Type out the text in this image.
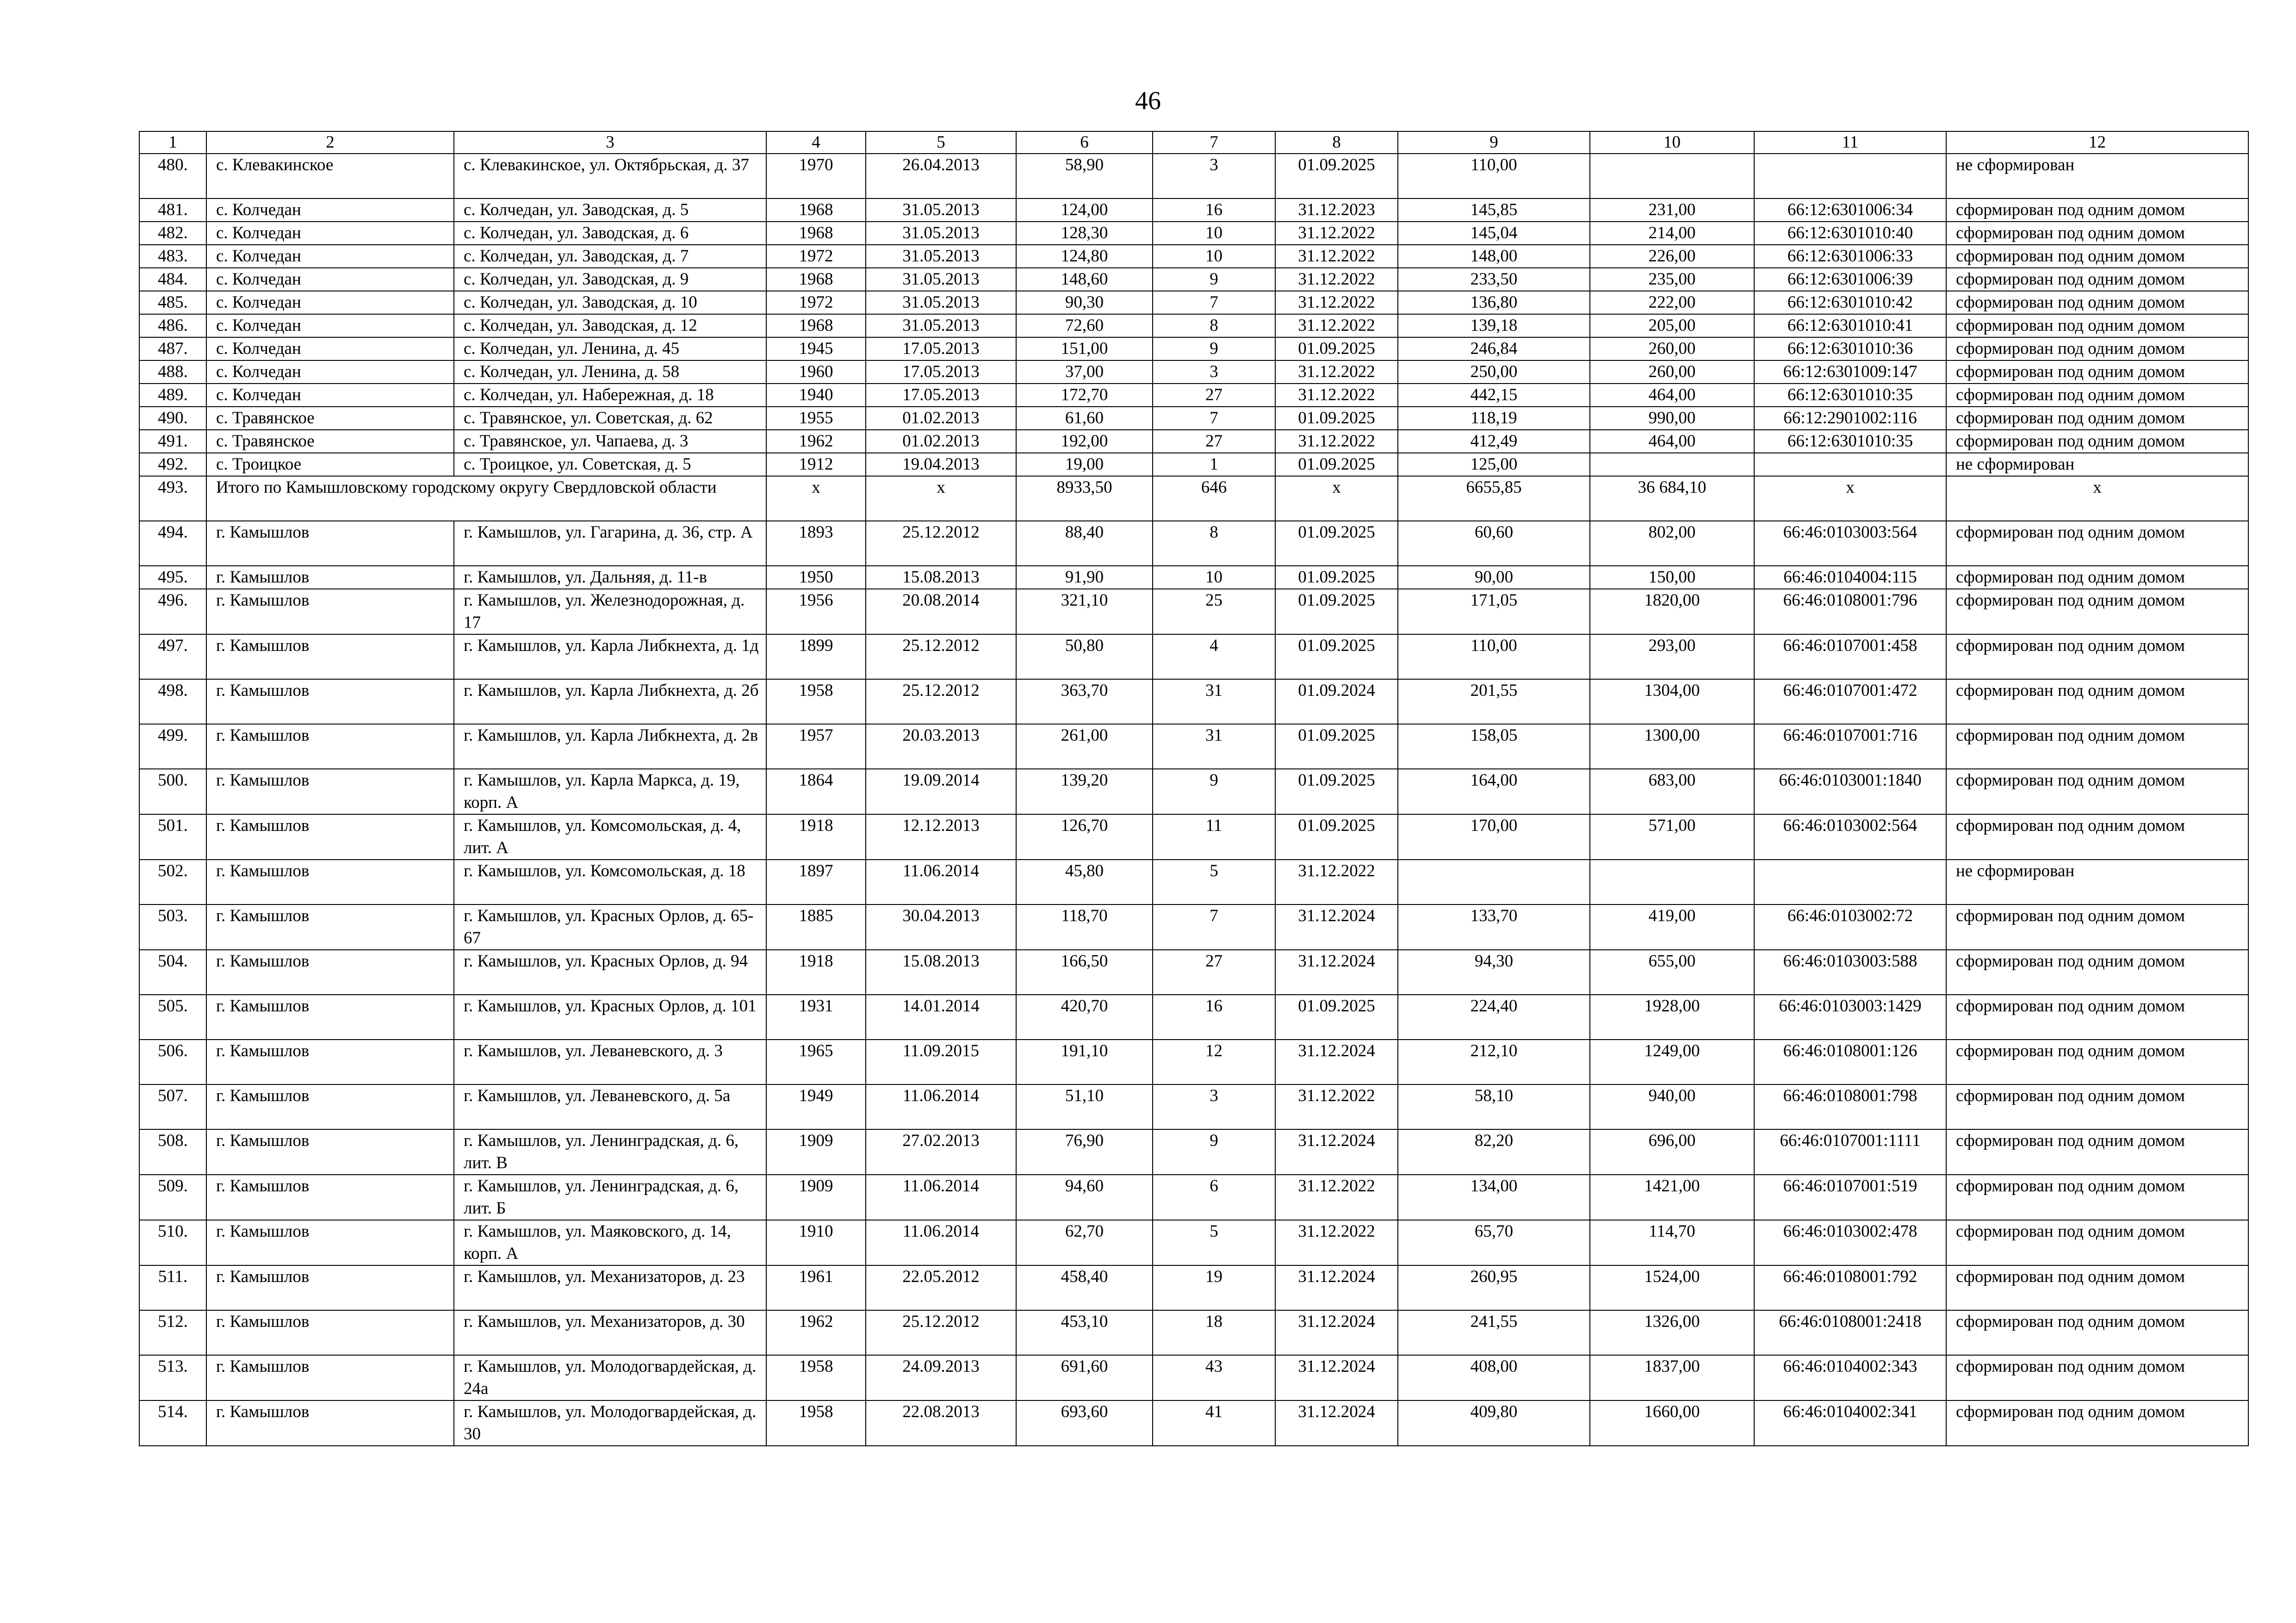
46
1	2	3	4	5	6	7	8	9	10	11	12
480.	с. Клевакинское	с. Клевакинское, ул. Октябрьская, д. 37	1970	26.04.2013	58,90	3	01.09.2025	110,00			не сформирован
481.	с. Колчедан	с. Колчедан, ул. Заводская, д. 5	1968	31.05.2013	124,00	16	31.12.2023	145,85	231,00	66:12:6301006:34	сформирован под одним домом
482.	с. Колчедан	с. Колчедан, ул. Заводская, д. 6	1968	31.05.2013	128,30	10	31.12.2022	145,04	214,00	66:12:6301010:40	сформирован под одним домом
483.	с. Колчедан	с. Колчедан, ул. Заводская, д. 7	1972	31.05.2013	124,80	10	31.12.2022	148,00	226,00	66:12:6301006:33	сформирован под одним домом
484.	с. Колчедан	с. Колчедан, ул. Заводская, д. 9	1968	31.05.2013	148,60	9	31.12.2022	233,50	235,00	66:12:6301006:39	сформирован под одним домом
485.	с. Колчедан	с. Колчедан, ул. Заводская, д. 10	1972	31.05.2013	90,30	7	31.12.2022	136,80	222,00	66:12:6301010:42	сформирован под одним домом
486.	с. Колчедан	с. Колчедан, ул. Заводская, д. 12	1968	31.05.2013	72,60	8	31.12.2022	139,18	205,00	66:12:6301010:41	сформирован под одним домом
487.	с. Колчедан	с. Колчедан, ул. Ленина, д. 45	1945	17.05.2013	151,00	9	01.09.2025	246,84	260,00	66:12:6301010:36	сформирован под одним домом
488.	с. Колчедан	с. Колчедан, ул. Ленина, д. 58	1960	17.05.2013	37,00	3	31.12.2022	250,00	260,00	66:12:6301009:147	сформирован под одним домом
489.	с. Колчедан	с. Колчедан, ул. Набережная, д. 18	1940	17.05.2013	172,70	27	31.12.2022	442,15	464,00	66:12:6301010:35	сформирован под одним домом
490.	с. Травянское	с. Травянское, ул. Советская, д. 62	1955	01.02.2013	61,60	7	01.09.2025	118,19	990,00	66:12:2901002:116	сформирован под одним домом
491.	с. Травянское	с. Травянское, ул. Чапаева, д. 3	1962	01.02.2013	192,00	27	31.12.2022	412,49	464,00	66:12:6301010:35	сформирован под одним домом
492.	с. Троицкое	с. Троицкое, ул. Советская, д. 5	1912	19.04.2013	19,00	1	01.09.2025	125,00			не сформирован
493.	Итого по Камышловскому городскому округу Свердловской области		x	x	8933,50	646	x	6655,85	36 684,10	x	x
494.	г. Камышлов	г. Камышлов, ул. Гагарина, д. 36, стр. А	1893	25.12.2012	88,40	8	01.09.2025	60,60	802,00	66:46:0103003:564	сформирован под одним домом
495.	г. Камышлов	г. Камышлов, ул. Дальняя, д. 11-в	1950	15.08.2013	91,90	10	01.09.2025	90,00	150,00	66:46:0104004:115	сформирован под одним домом
496.	г. Камышлов	г. Камышлов, ул. Железнодорожная, д. 17	1956	20.08.2014	321,10	25	01.09.2025	171,05	1820,00	66:46:0108001:796	сформирован под одним домом
497.	г. Камышлов	г. Камышлов, ул. Карла Либкнехта, д. 1д	1899	25.12.2012	50,80	4	01.09.2025	110,00	293,00	66:46:0107001:458	сформирован под одним домом
498.	г. Камышлов	г. Камышлов, ул. Карла Либкнехта, д. 2б	1958	25.12.2012	363,70	31	01.09.2024	201,55	1304,00	66:46:0107001:472	сформирован под одним домом
499.	г. Камышлов	г. Камышлов, ул. Карла Либкнехта, д. 2в	1957	20.03.2013	261,00	31	01.09.2025	158,05	1300,00	66:46:0107001:716	сформирован под одним домом
500.	г. Камышлов	г. Камышлов, ул. Карла Маркса, д. 19, корп. А	1864	19.09.2014	139,20	9	01.09.2025	164,00	683,00	66:46:0103001:1840	сформирован под одним домом
501.	г. Камышлов	г. Камышлов, ул. Комсомольская, д. 4, лит. А	1918	12.12.2013	126,70	11	01.09.2025	170,00	571,00	66:46:0103002:564	сформирован под одним домом
502.	г. Камышлов	г. Камышлов, ул. Комсомольская, д. 18	1897	11.06.2014	45,80	5	31.12.2022				не сформирован
503.	г. Камышлов	г. Камышлов, ул. Красных Орлов, д. 65-67	1885	30.04.2013	118,70	7	31.12.2024	133,70	419,00	66:46:0103002:72	сформирован под одним домом
504.	г. Камышлов	г. Камышлов, ул. Красных Орлов, д. 94	1918	15.08.2013	166,50	27	31.12.2024	94,30	655,00	66:46:0103003:588	сформирован под одним домом
505.	г. Камышлов	г. Камышлов, ул. Красных Орлов, д. 101	1931	14.01.2014	420,70	16	01.09.2025	224,40	1928,00	66:46:0103003:1429	сформирован под одним домом
506.	г. Камышлов	г. Камышлов, ул. Леваневского, д. 3	1965	11.09.2015	191,10	12	31.12.2024	212,10	1249,00	66:46:0108001:126	сформирован под одним домом
507.	г. Камышлов	г. Камышлов, ул. Леваневского, д. 5а	1949	11.06.2014	51,10	3	31.12.2022	58,10	940,00	66:46:0108001:798	сформирован под одним домом
508.	г. Камышлов	г. Камышлов, ул. Ленинградская, д. 6, лит. В	1909	27.02.2013	76,90	9	31.12.2024	82,20	696,00	66:46:0107001:1111	сформирован под одним домом
509.	г. Камышлов	г. Камышлов, ул. Ленинградская, д. 6, лит. Б	1909	11.06.2014	94,60	6	31.12.2022	134,00	1421,00	66:46:0107001:519	сформирован под одним домом
510.	г. Камышлов	г. Камышлов, ул. Маяковского, д. 14, корп. А	1910	11.06.2014	62,70	5	31.12.2022	65,70	114,70	66:46:0103002:478	сформирован под одним домом
511.	г. Камышлов	г. Камышлов, ул. Механизаторов, д. 23	1961	22.05.2012	458,40	19	31.12.2024	260,95	1524,00	66:46:0108001:792	сформирован под одним домом
512.	г. Камышлов	г. Камышлов, ул. Механизаторов, д. 30	1962	25.12.2012	453,10	18	31.12.2024	241,55	1326,00	66:46:0108001:2418	сформирован под одним домом
513.	г. Камышлов	г. Камышлов, ул. Молодогвардейская, д. 24а	1958	24.09.2013	691,60	43	31.12.2024	408,00	1837,00	66:46:0104002:343	сформирован под одним домом
514.	г. Камышлов	г. Камышлов, ул. Молодогвардейская, д. 30	1958	22.08.2013	693,60	41	31.12.2024	409,80	1660,00	66:46:0104002:341	сформирован под одним домом
